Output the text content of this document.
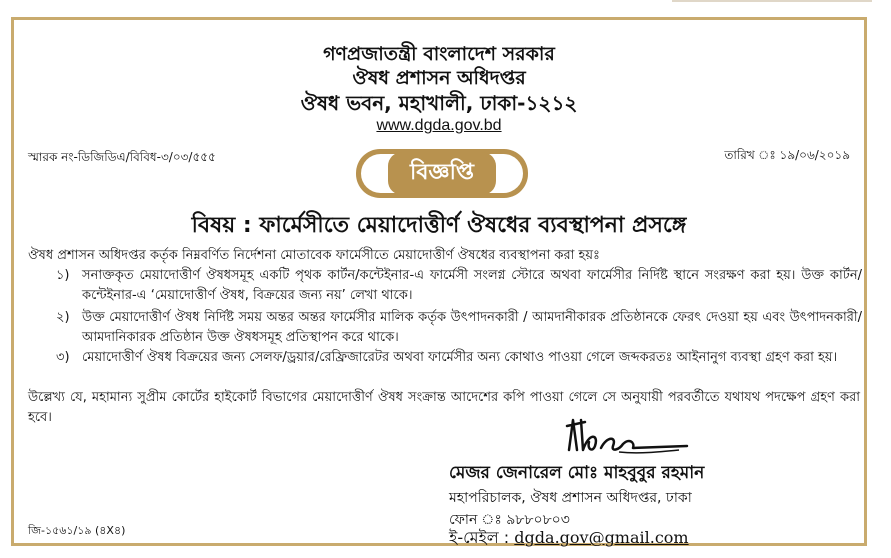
গণপ্রজাতন্ত্রী বাংলাদেশ সরকার
ঔষধ প্রশাসন অধিদপ্তর
ঔষধ ভবন, মহাখালী, ঢাকা-১২১২
www.dgda.gov.bd
স্মারক নং-ডিজিডিএ/বিবিধ-৩/০৩/৫৫৫	তারিখ ঃ ১৯/০৬/২০১৯
বিজ্ঞপ্তি
বিষয় : ফার্মেসীতে মেয়াদোত্তীর্ণ ঔষধের ব্যবস্থাপনা প্রসঙ্গে
ঔষধ প্রশাসন অধিদপ্তর কর্তৃক নিম্নবর্ণিত নির্দেশনা মোতাবেক ফার্মেসীতে মেয়াদোত্তীর্ণ ঔষধের ব্যবস্থাপনা করা হয়ঃ
১) সনাক্তকৃত মেয়াদোত্তীর্ণ ঔষধসমূহ একটি পৃথক কার্টন/কন্টেইনার-এ ফার্মেসী সংলগ্ন স্টোরে অথবা ফার্মেসীর নির্দিষ্ট স্থানে সংরক্ষণ করা হয়। উক্ত কার্টন/কন্টেইনার-এ ‘মেয়াদোত্তীর্ণ ঔষধ, বিক্রয়ের জন্য নয়’ লেখা থাকে।
২) উক্ত মেয়াদোত্তীর্ণ ঔষধ নির্দিষ্ট সময় অন্তর অন্তর ফার্মেসীর মালিক কর্তৃক উৎপাদনকারী / আমদানীকারক প্রতিষ্ঠানকে ফেরৎ দেওয়া হয় এবং উৎপাদনকারী/আমদানিকারক প্রতিষ্ঠান উক্ত ঔষধসমূহ প্রতিস্থাপন করে থাকে।
৩) মেয়াদোত্তীর্ণ ঔষধ বিক্রয়ের জন্য সেলফ/ড্রয়ার/রেফ্রিজারেটর অথবা ফার্মেসীর অন্য কোথাও পাওয়া গেলে জব্দকরতঃ আইনানুগ ব্যবস্থা গ্রহণ করা হয়।
উল্লেখ্য যে, মহামান্য সুপ্রীম কোর্টের হাইকোর্ট বিভাগের মেয়াদোত্তীর্ণ ঔষধ সংক্রান্ত আদেশের কপি পাওয়া গেলে সে অনুযায়ী পরবর্তীতে যথাযথ পদক্ষেপ গ্রহণ করা হবে।
মেজর জেনারেল মোঃ মাহবুবুর রহমান
মহাপরিচালক, ঔষধ প্রশাসন অধিদপ্তর, ঢাকা
ফোন ঃ ৯৮৮০৮০৩
ই-মেইল : dgda.gov@gmail.com
জি-১৫৬১/১৯ (৪X৪)
